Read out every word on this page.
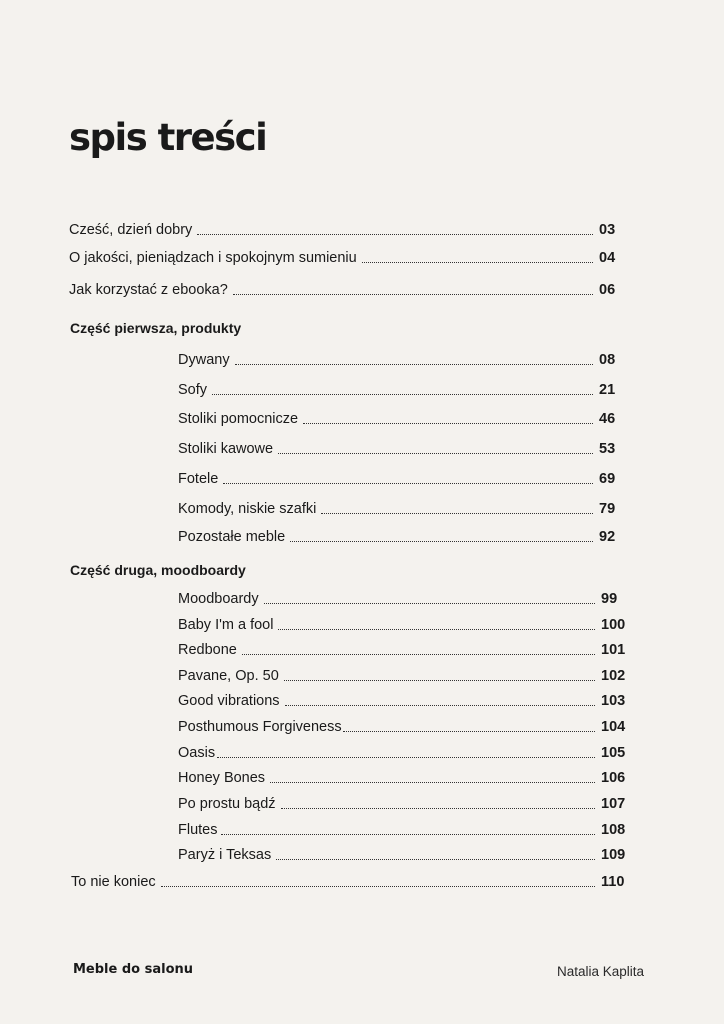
spis treści
Cześć, dzień dobry	03
O jakości, pieniądzach i spokojnym sumieniu	04
Jak korzystać z ebooka?	06
Część pierwsza, produkty
Dywany	08
Sofy	21
Stoliki pomocnicze	46
Stoliki kawowe	53
Fotele	69
Komody, niskie szafki	79
Pozostałe meble	92
Część druga, moodboardy
Moodboardy	99
Baby I'm a fool	100
Redbone	101
Pavane, Op. 50	102
Good vibrations	103
Posthumous Forgiveness	104
Oasis	105
Honey Bones	106
Po prostu bądź	107
Flutes	108
Paryż i Teksas	109
To nie koniec	110
Meble do salonu	Natalia Kaplita
